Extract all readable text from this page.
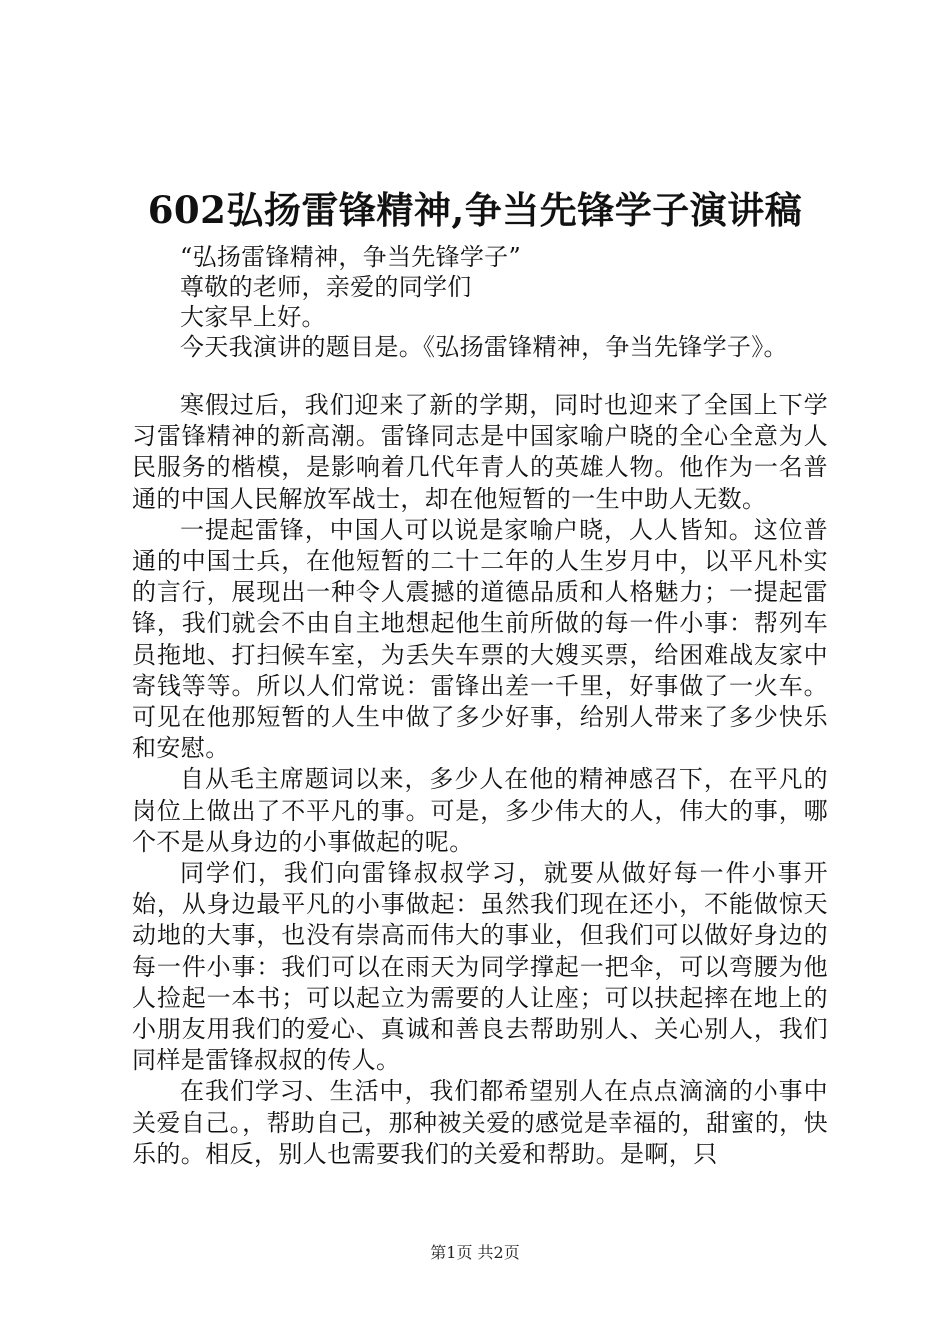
602弘扬雷锋精神,争当先锋学子演讲稿
“弘扬雷锋精神，争当先锋学子”
尊敬的老师，亲爱的同学们
大家早上好。
今天我演讲的题目是。《弘扬雷锋精神，争当先锋学子》。

寒假过后，我们迎来了新的学期，同时也迎来了全国上下学习雷锋精神的新高潮。雷锋同志是中国家喻户晓的全心全意为人民服务的楷模，是影响着几代年青人的英雄人物。他作为一名普通的中国人民解放军战士，却在他短暂的一生中助人无数。

一提起雷锋，中国人可以说是家喻户晓，人人皆知。这位普通的中国士兵，在他短暂的二十二年的人生岁月中，以平凡朴实的言行，展现出一种令人震撼的道德品质和人格魅力；一提起雷锋，我们就会不由自主地想起他生前所做的每一件小事：帮列车员拖地、打扫候车室，为丢失车票的大嫂买票，给困难战友家中寄钱等等。所以人们常说：雷锋出差一千里，好事做了一火车。可见在他那短暂的人生中做了多少好事，给别人带来了多少快乐和安慰。

自从毛主席题词以来，多少人在他的精神感召下，在平凡的岗位上做出了不平凡的事。可是，多少伟大的人，伟大的事，哪个不是从身边的小事做起的呢。

同学们，我们向雷锋叔叔学习，就要从做好每一件小事开始，从身边最平凡的小事做起：虽然我们现在还小，不能做惊天动地的大事，也没有崇高而伟大的事业，但我们可以做好身边的每一件小事：我们可以在雨天为同学撑起一把伞，可以弯腰为他人捡起一本书；可以起立为需要的人让座；可以扶起摔在地上的小朋友用我们的爱心、真诚和善良去帮助别人、关心别人，我们同样是雷锋叔叔的传人。

在我们学习、生活中，我们都希望别人在点点滴滴的小事中关爱自己。，帮助自己，那种被关爱的感觉是幸福的，甜蜜的，快乐的。相反，别人也需要我们的关爱和帮助。是啊，只

第1页 共2页
